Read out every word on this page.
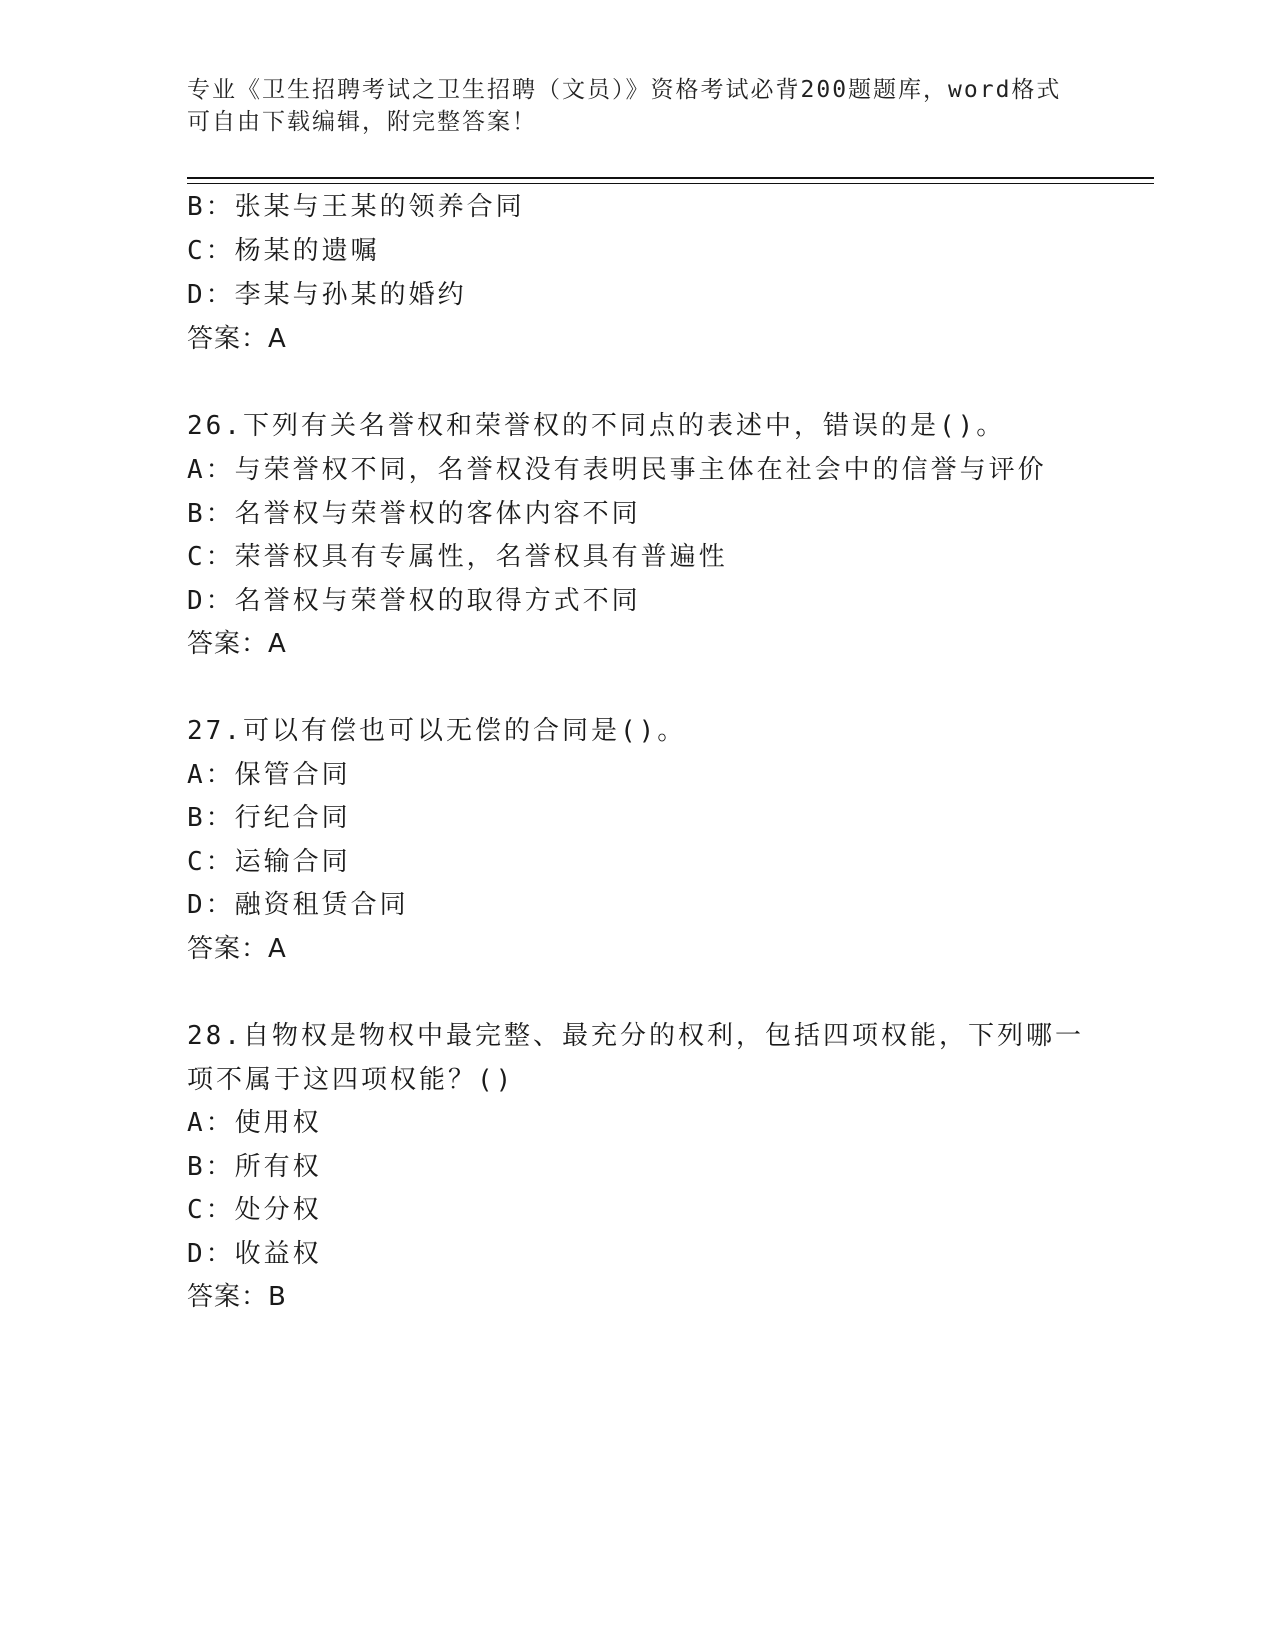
专业《卫生招聘考试之卫生招聘（文员）》资格考试必背200题题库，word格式
可自由下载编辑，附完整答案！
B：张某与王某的领养合同
C：杨某的遗嘱
D：李某与孙某的婚约
答案：A
26.下列有关名誉权和荣誉权的不同点的表述中，错误的是()。
A：与荣誉权不同，名誉权没有表明民事主体在社会中的信誉与评价
B：名誉权与荣誉权的客体内容不同
C：荣誉权具有专属性，名誉权具有普遍性
D：名誉权与荣誉权的取得方式不同
答案：A
27.可以有偿也可以无偿的合同是()。
A：保管合同
B：行纪合同
C：运输合同
D：融资租赁合同
答案：A
28.自物权是物权中最完整、最充分的权利，包括四项权能，下列哪一
项不属于这四项权能？()
A：使用权
B：所有权
C：处分权
D：收益权
答案：B
